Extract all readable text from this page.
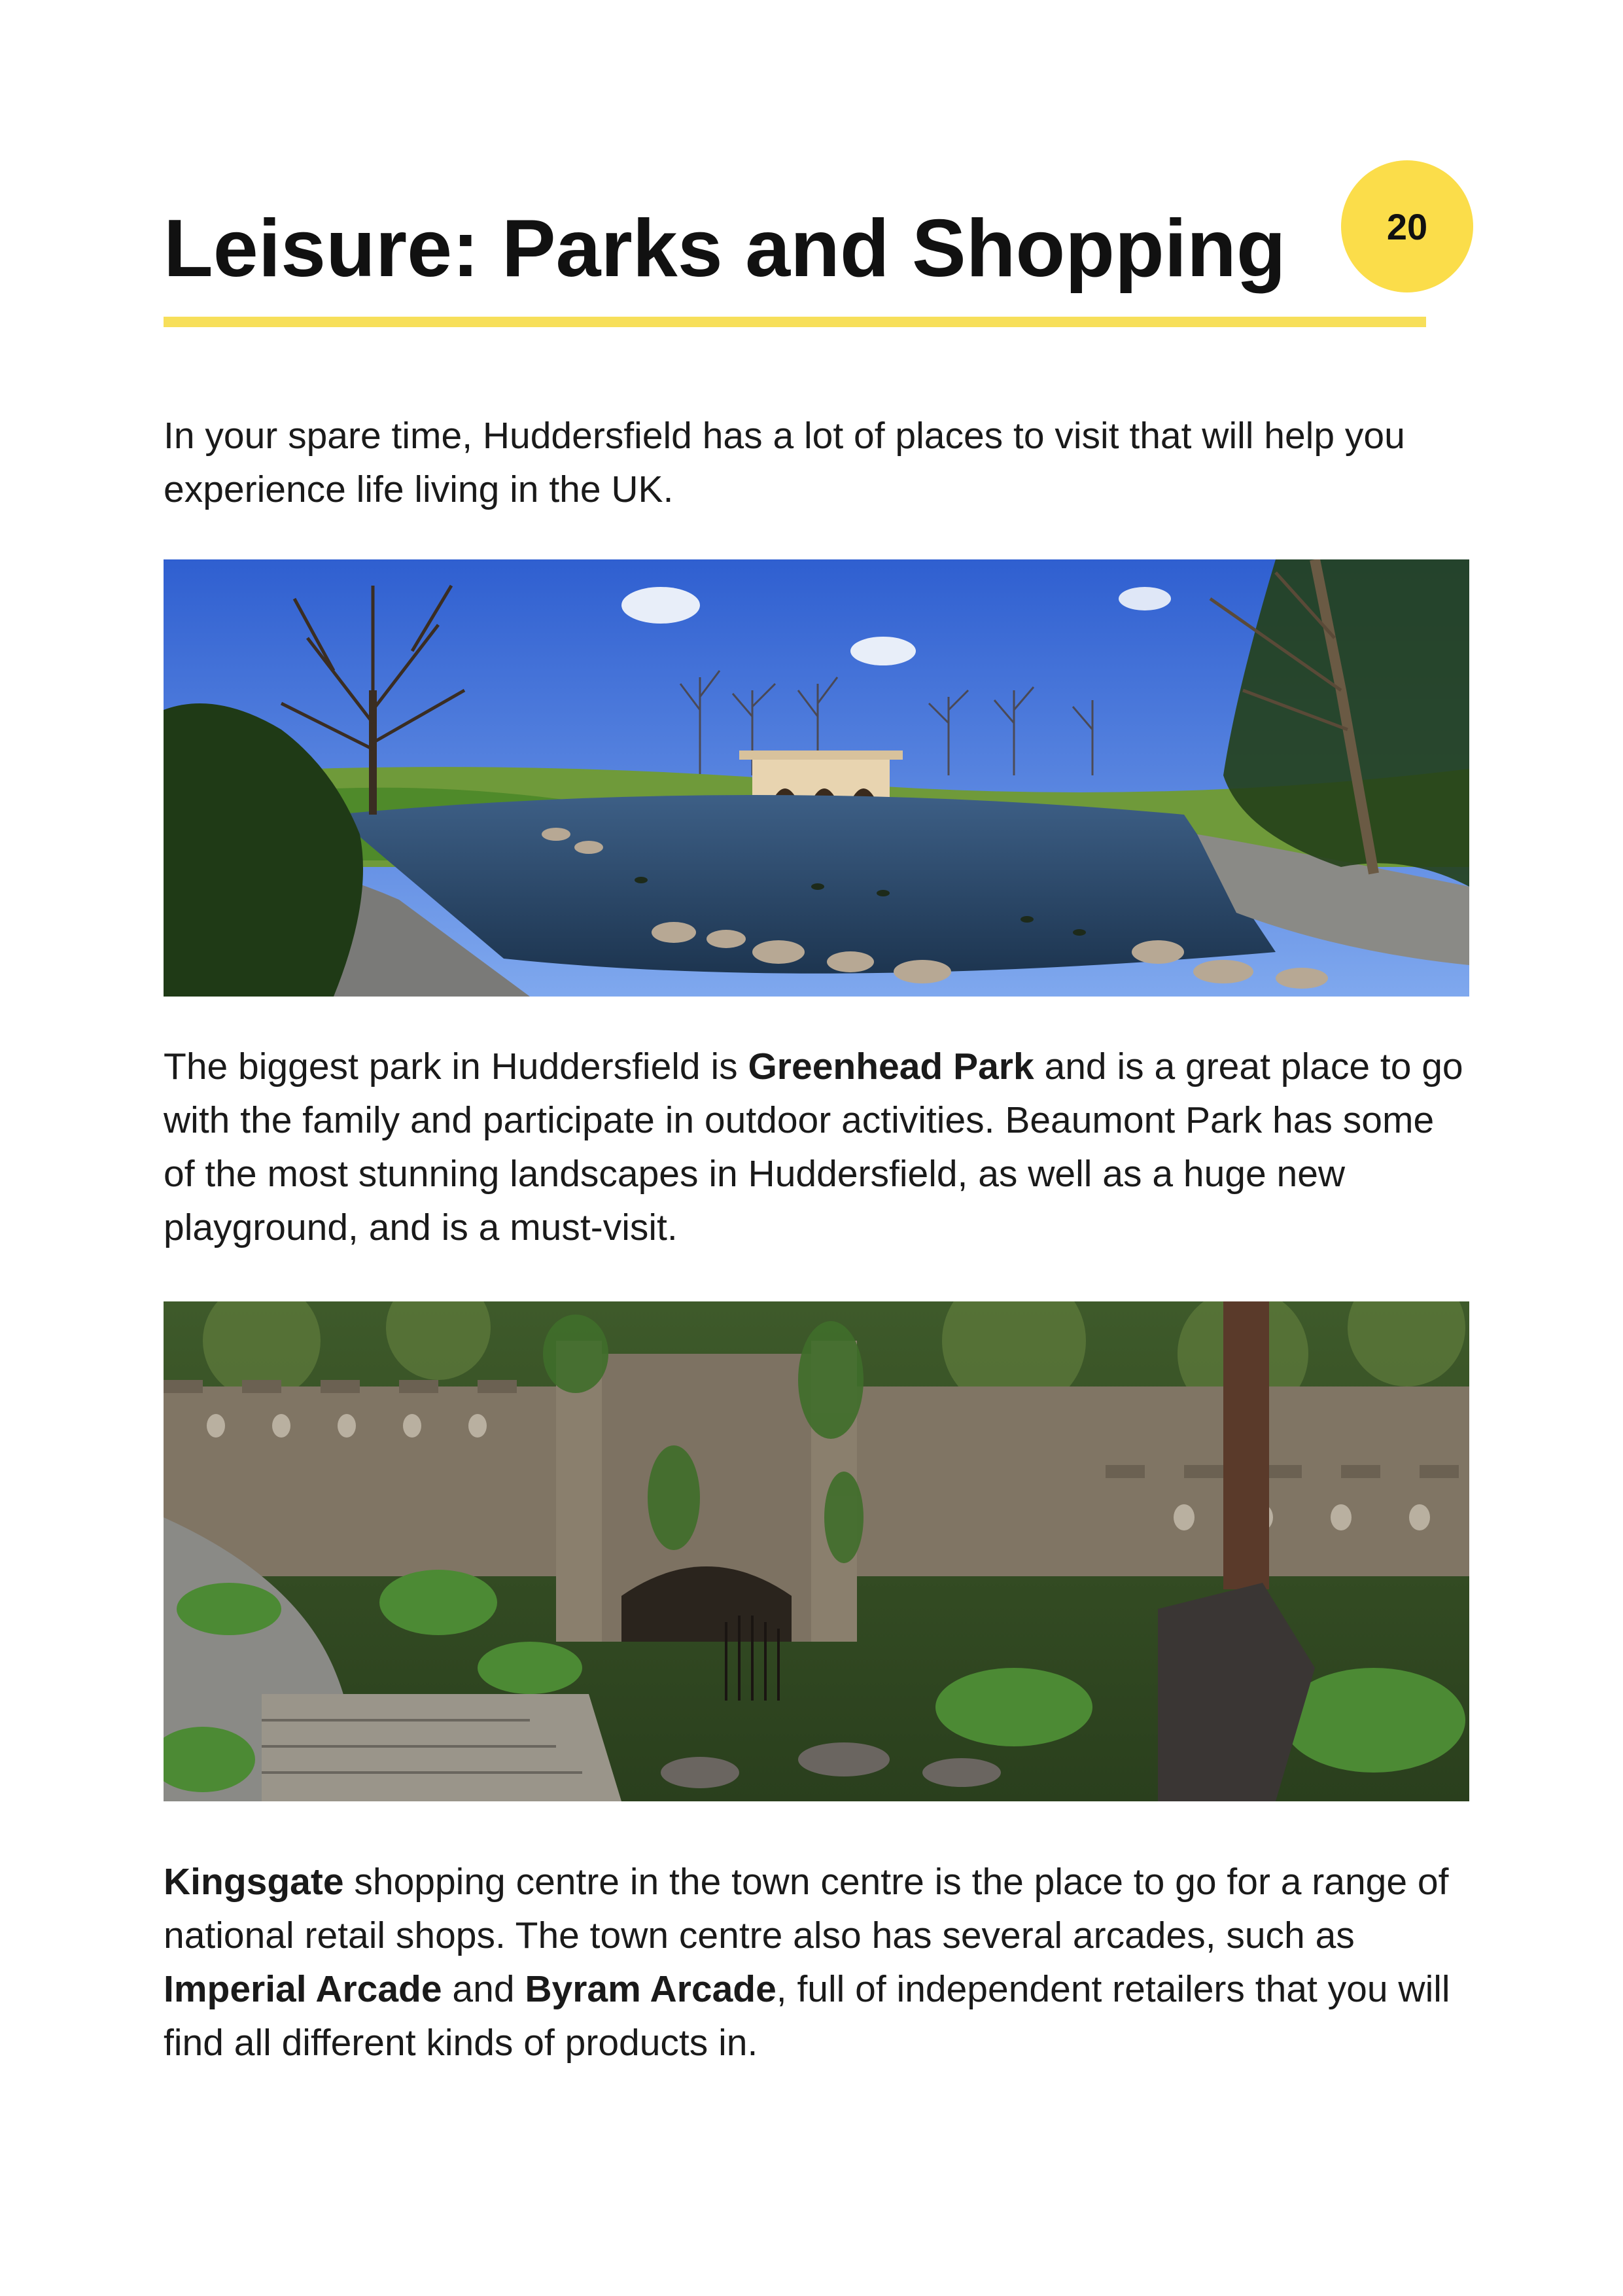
Leisure: Parks and Shopping	20

In your spare time, Huddersfield has a lot of places to visit that will help you experience life living in the UK.

The biggest park in Huddersfield is Greenhead Park and is a great place to go with the family and participate in outdoor activities. Beaumont Park has some of the most stunning landscapes in Huddersfield, as well as a huge new playground, and is a must-visit.

Kingsgate shopping centre in the town centre is the place to go for a range of national retail shops. The town centre also has several arcades, such as Imperial Arcade and Byram Arcade, full of independent retailers that you will find all different kinds of products in.
